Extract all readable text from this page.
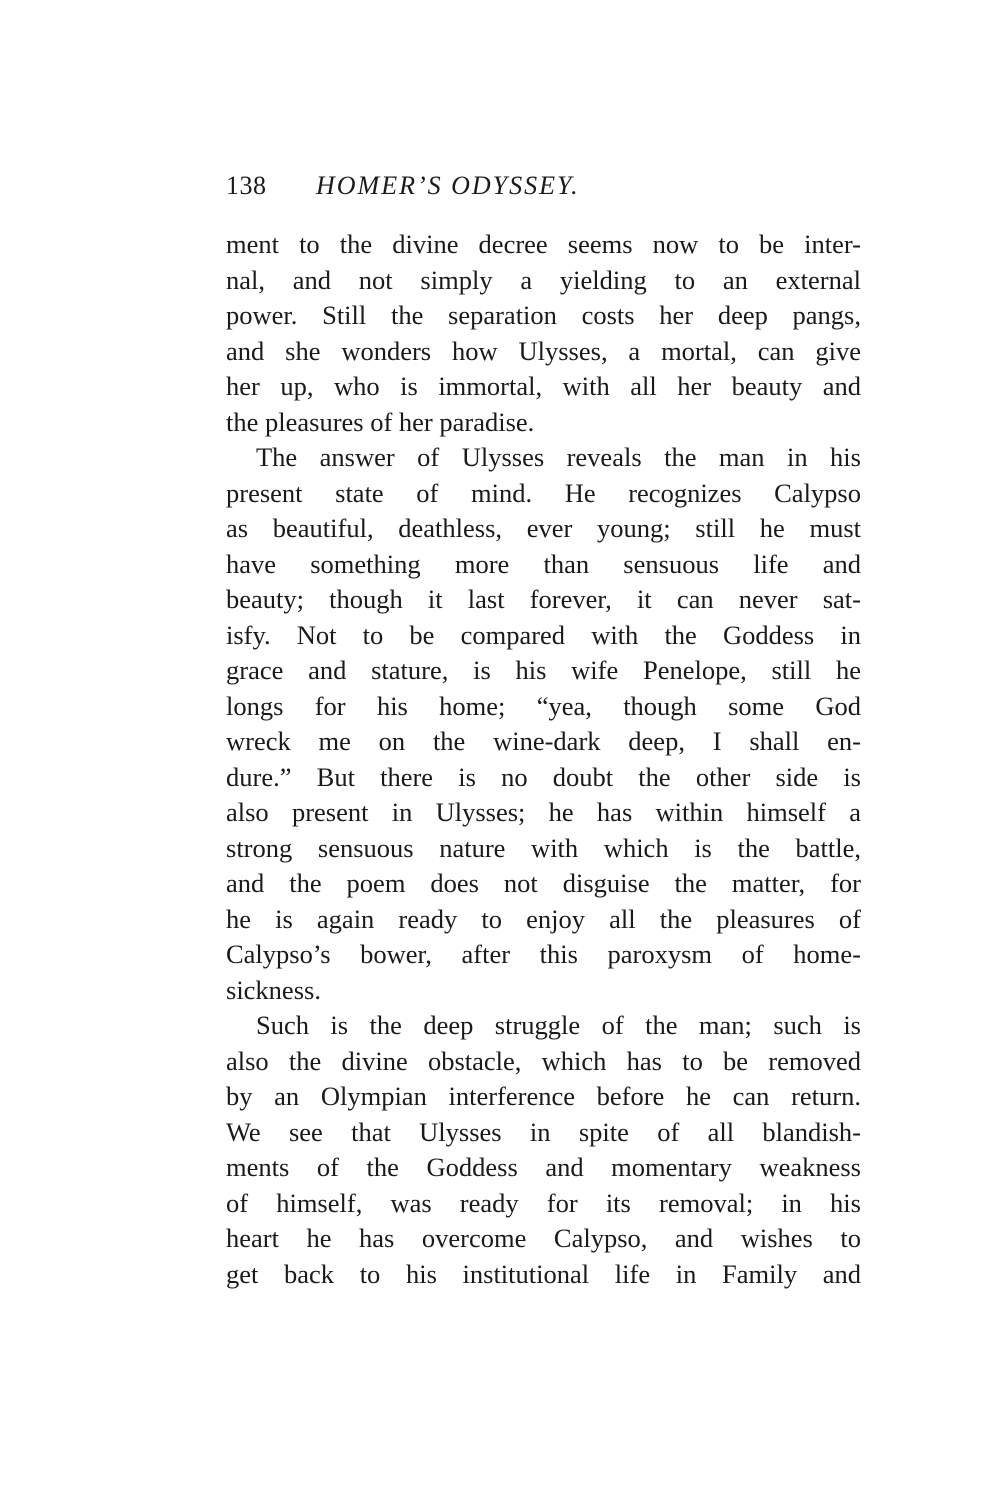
138 HOMER’S ODYSSEY.
ment to the divine decree seems now to be inter-
nal, and not simply a yielding to an external
power. Still the separation costs her deep pangs,
and she wonders how Ulysses, a mortal, can give
her up, who is immortal, with all her beauty and
the pleasures of her paradise.
The answer of Ulysses reveals the man in his
present state of mind. He recognizes Calypso
as beautiful, deathless, ever young; still he must
have something more than sensuous life and
beauty; though it last forever, it can never sat-
isfy. Not to be compared with the Goddess in
grace and stature, is his wife Penelope, still he
longs for his home; “yea, though some God
wreck me on the wine-dark deep, I shall en-
dure.” But there is no doubt the other side is
also present in Ulysses; he has within himself a
strong sensuous nature with which is the battle,
and the poem does not disguise the matter, for
he is again ready to enjoy all the pleasures of
Calypso’s bower, after this paroxysm of home-
sickness.
Such is the deep struggle of the man; such is
also the divine obstacle, which has to be removed
by an Olympian interference before he can return.
We see that Ulysses in spite of all blandish-
ments of the Goddess and momentary weakness
of himself, was ready for its removal; in his
heart he has overcome Calypso, and wishes to
get back to his institutional life in Family and
